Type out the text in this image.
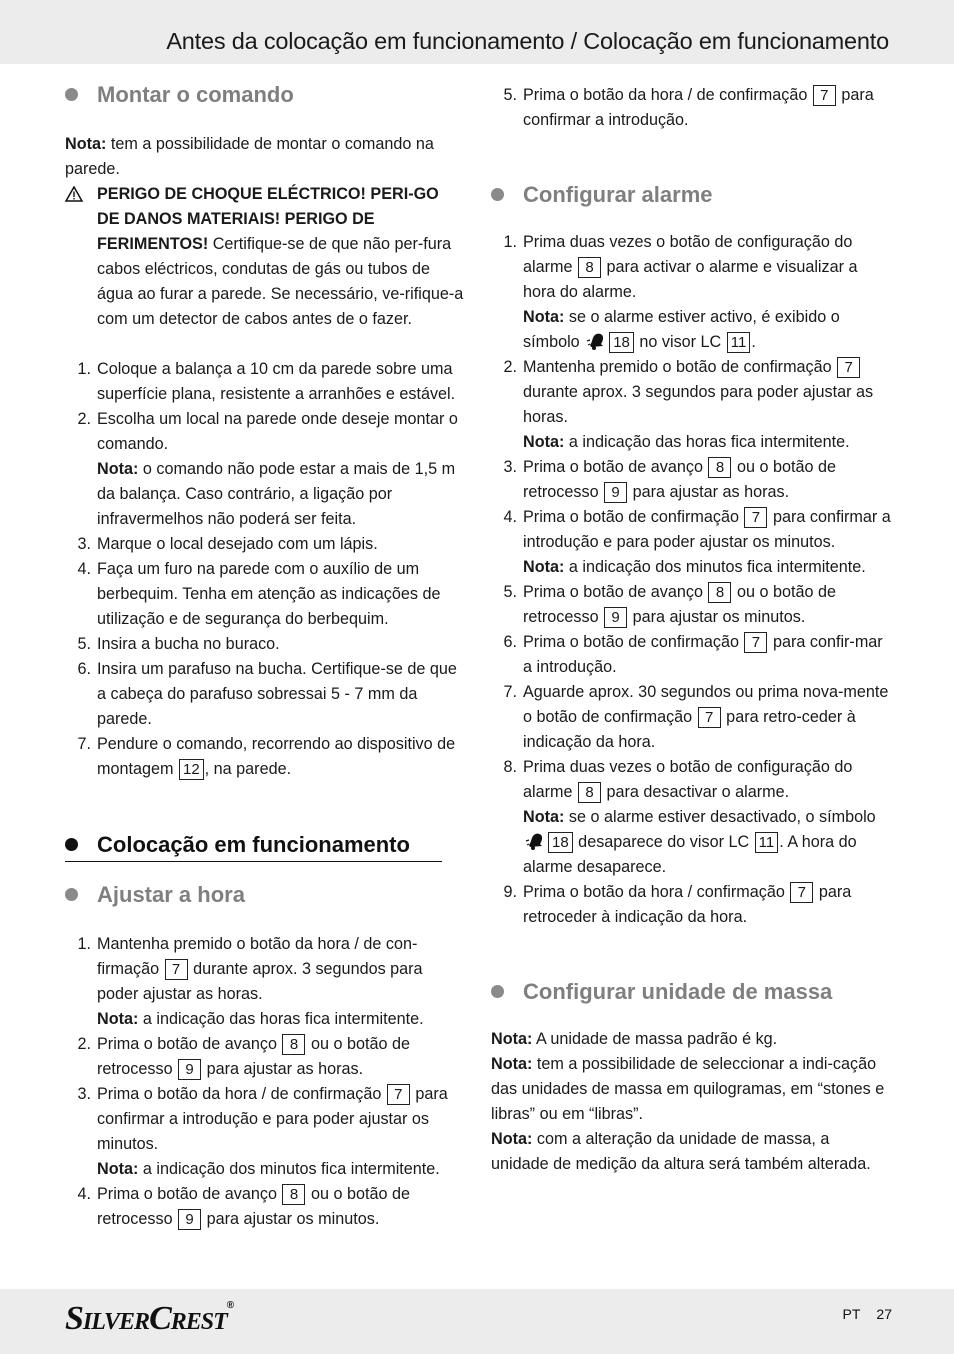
Antes da colocação em funcionamento / Colocação em funcionamento
Montar o comando

Nota: tem a possibilidade de montar o comando na parede.

PERIGO DE CHOQUE ELÉCTRICO! PERI-GO DE DANOS MATERIAIS! PERIGO DE FERIMENTOS! Certifique-se de que não per-fura cabos eléctricos, condutas de gás ou tubos de água ao furar a parede. Se necessário, ve-rifique-a com um detector de cabos antes de o fazer.

1. Coloque a balança a 10 cm da parede sobre uma superfície plana, resistente a arranhões e estável.
2. Escolha um local na parede onde deseje montar o comando.
Nota: o comando não pode estar a mais de 1,5 m da balança. Caso contrário, a ligação por infravermelhos não poderá ser feita.
3. Marque o local desejado com um lápis.
4. Faça um furo na parede com o auxílio de um berbequim. Tenha em atenção as indicações de utilização e de segurança do berbequim.
5. Insira a bucha no buraco.
6. Insira um parafuso na bucha. Certifique-se de que a cabeça do parafuso sobressai 5 - 7 mm da parede.
7. Pendure o comando, recorrendo ao dispositivo de montagem 12 , na parede.
Colocação em funcionamento
Ajustar a hora
1. Mantenha premido o botão da hora / de con-firmação 7 durante aprox. 3 segundos para poder ajustar as horas.
Nota: a indicação das horas fica intermitente.
2. Prima o botão de avanço 8 ou o botão de retrocesso 9 para ajustar as horas.
3. Prima o botão da hora / de confirmação 7 para confirmar a introdução e para poder ajustar os minutos.
Nota: a indicação dos minutos fica intermitente.
4. Prima o botão de avanço 8 ou o botão de retrocesso 9 para ajustar os minutos.
5. Prima o botão da hora / de confirmação 7 para confirmar a introdução.
Configurar alarme
1. Prima duas vezes o botão de configuração do alarme 8 para activar o alarme e visualizar a hora do alarme.
Nota: se o alarme estiver activo, é exibido o símbolo 18 no visor LC 11 .
2. Mantenha premido o botão de confirmação 7 durante aprox. 3 segundos para poder ajustar as horas.
Nota: a indicação das horas fica intermitente.
3. Prima o botão de avanço 8 ou o botão de retrocesso 9 para ajustar as horas.
4. Prima o botão de confirmação 7 para confirmar a introdução e para poder ajustar os minutos.
Nota: a indicação dos minutos fica intermitente.
5. Prima o botão de avanço 8 ou o botão de retrocesso 9 para ajustar os minutos.
6. Prima o botão de confirmação 7 para confir-mar a introdução.
7. Aguarde aprox. 30 segundos ou prima nova-mente o botão de confirmação 7 para retro-ceder à indicação da hora.
8. Prima duas vezes o botão de configuração do alarme 8 para desactivar o alarme.
Nota: se o alarme estiver desactivado, o símbolo 18 desaparece do visor LC 11 . A hora do alarme desaparece.
9. Prima o botão da hora / confirmação 7 para retroceder à indicação da hora.
Configurar unidade de massa

Nota: A unidade de massa padrão é kg.

Nota: tem a possibilidade de seleccionar a indi-cação das unidades de massa em quilogramas, em “stones e libras” ou em “libras”.

Nota: com a alteração da unidade de massa, a unidade de medição da altura será também alterada.

SILVERCREST®
PT 27
